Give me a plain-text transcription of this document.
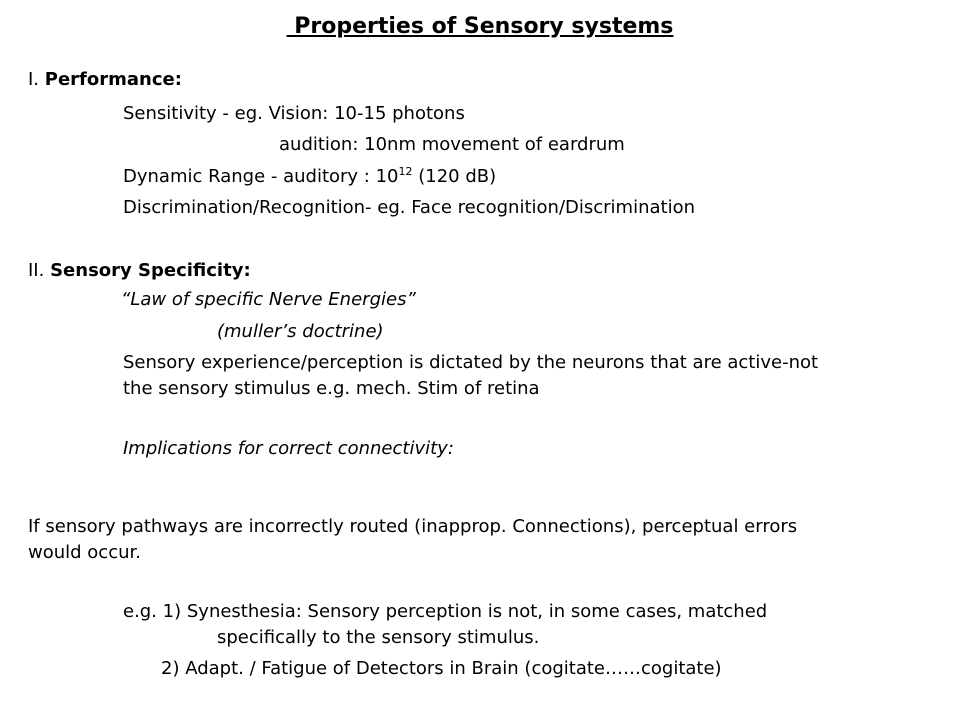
Properties of Sensory systems
I. Performance:
Sensitivity - eg. Vision: 10-15 photons
audition: 10nm movement of eardrum
Dynamic Range - auditory : $10^{12}$ (120 dB)
Discrimination/Recognition- eg. Face recognition/Discrimination
II. Sensory Specificity:
“Law of specific Nerve Energies”
(muller’s doctrine)
Sensory experience/perception is dictated by the neurons that are active-not
the sensory stimulus e.g. mech. Stim of retina
Implications for correct connectivity:
If sensory pathways are incorrectly routed (inapprop. Connections), perceptual errors
would occur.
e.g. 1) Synesthesia: Sensory perception is not, in some cases, matched
specifically to the sensory stimulus.
2) Adapt. / Fatigue of Detectors in Brain (cogitate……cogitate)
